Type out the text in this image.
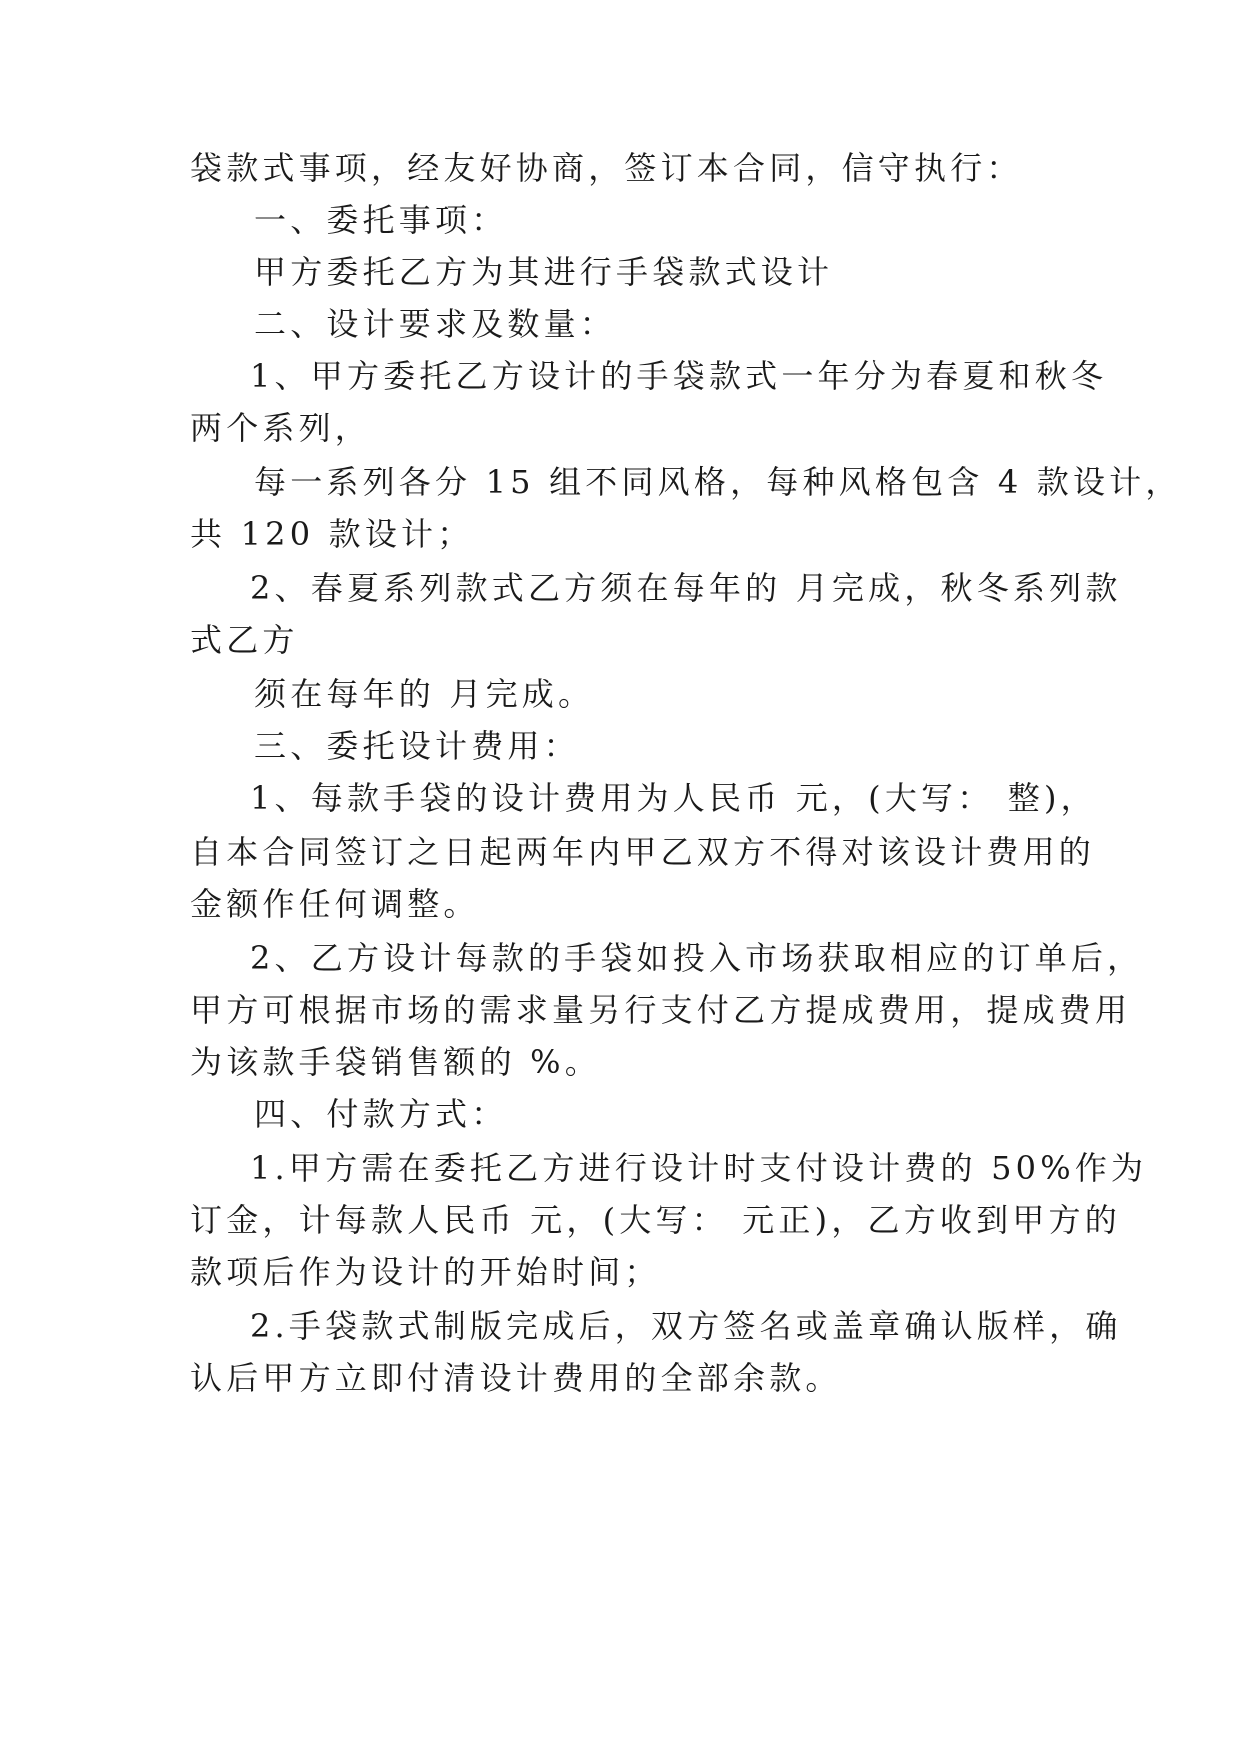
袋款式事项，经友好协商，签订本合同，信守执行：
一、委托事项：
甲方委托乙方为其进行手袋款式设计
二、设计要求及数量：
1、甲方委托乙方设计的手袋款式一年分为春夏和秋冬
两个系列，
每一系列各分 15 组不同风格，每种风格包含 4 款设计，
共 120 款设计；
2、春夏系列款式乙方须在每年的 月完成，秋冬系列款
式乙方
须在每年的 月完成。
三、委托设计费用：
1、每款手袋的设计费用为人民币 元，(大写： 整)，
自本合同签订之日起两年内甲乙双方不得对该设计费用的
金额作任何调整。
2、乙方设计每款的手袋如投入市场获取相应的订单后，
甲方可根据市场的需求量另行支付乙方提成费用，提成费用
为该款手袋销售额的 %。
四、付款方式：
1.甲方需在委托乙方进行设计时支付设计费的 50%作为
订金，计每款人民币 元，(大写： 元正)，乙方收到甲方的
款项后作为设计的开始时间；
2.手袋款式制版完成后，双方签名或盖章确认版样，确
认后甲方立即付清设计费用的全部余款。
